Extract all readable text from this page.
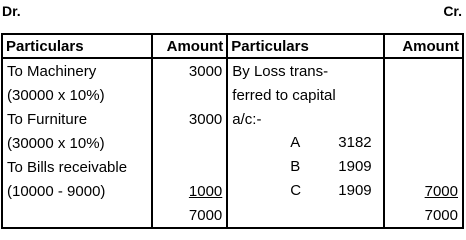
Dr.	Cr.
Particulars	Amount	Particulars	Amount
To Machinery	3000	By Loss trans-	
(30000 x 10%)		ferred to capital	
To Furniture	3000	a/c:-	
(30000 x 10%)		A 3182	

To Bills receivable		B 1909	

(10000 - 9000)	1000	C 1909	7000
	7000		7000
